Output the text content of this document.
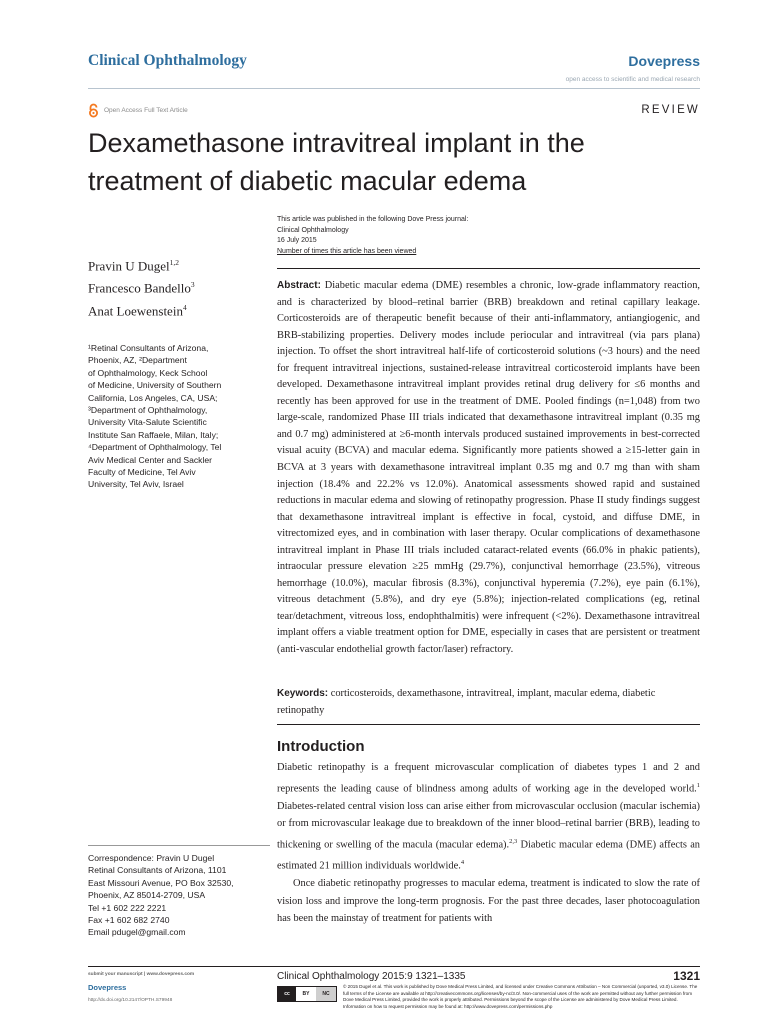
Clinical Ophthalmology	Dovepress
open access to scientific and medical research
Open Access Full Text Article	REVIEW
Dexamethasone intravitreal implant in the
treatment of diabetic macular edema
This article was published in the following Dove Press journal:
Clinical Ophthalmology
16 July 2015
Number of times this article has been viewed
Pravin U Dugel$^{1,2}$
Francesco Bandello$^3$
Anat Loewenstein$^4$
¹Retinal Consultants of Arizona,
Phoenix, AZ, ²Department
of Ophthalmology, Keck School
of Medicine, University of Southern
California, Los Angeles, CA, USA;
³Department of Ophthalmology,
University Vita-Salute Scientific
Institute San Raffaele, Milan, Italy;
⁴Department of Ophthalmology, Tel
Aviv Medical Center and Sackler
Faculty of Medicine, Tel Aviv
University, Tel Aviv, Israel
Abstract: Diabetic macular edema (DME) resembles a chronic, low-grade inflammatory reaction, and is characterized by blood–retinal barrier (BRB) breakdown and retinal capillary leakage. Corticosteroids are of therapeutic benefit because of their anti-inflammatory, antiangiogenic, and BRB-stabilizing properties. Delivery modes include periocular and intravitreal (via pars plana) injection. To offset the short intravitreal half-life of corticosteroid solutions (~3 hours) and the need for frequent intravitreal injections, sustained-release intravitreal corticosteroid implants have been developed. Dexamethasone intravitreal implant provides retinal drug delivery for ≤6 months and recently has been approved for use in the treatment of DME. Pooled findings (n=1,048) from two large-scale, randomized Phase III trials indicated that dexamethasone intravitreal implant (0.35 mg and 0.7 mg) administered at ≥6-month intervals produced sustained improvements in best-corrected visual acuity (BCVA) and macular edema. Significantly more patients showed a ≥15-letter gain in BCVA at 3 years with dexamethasone intravitreal implant 0.35 mg and 0.7 mg than with sham injection (18.4% and 22.2% vs 12.0%). Anatomical assessments showed rapid and sustained reductions in macular edema and slowing of retinopathy progression. Phase II study findings suggest that dexamethasone intravitreal implant is effective in focal, cystoid, and diffuse DME, in vitrectomized eyes, and in combination with laser therapy. Ocular complications of dexamethasone intravitreal implant in Phase III trials included cataract-related events (66.0% in phakic patients), intraocular pressure elevation ≥25 mmHg (29.7%), conjunctival hemorrhage (23.5%), vitreous hemorrhage (10.0%), macular fibrosis (8.3%), conjunctival hyperemia (7.2%), eye pain (6.1%), vitreous detachment (5.8%), and dry eye (5.8%); injection-related complications (eg, retinal tear/detachment, vitreous loss, endophthalmitis) were infrequent (<2%). Dexamethasone intravitreal implant offers a viable treatment option for DME, especially in cases that are persistent or treatment (anti-vascular endothelial growth factor/laser) refractory.
Keywords: corticosteroids, dexamethasone, intravitreal, implant, macular edema, diabetic retinopathy
Introduction

Diabetic retinopathy is a frequent microvascular complication of diabetes types 1 and 2 and represents the leading cause of blindness among adults of working age in the developed world.$^1$ Diabetes-related central vision loss can arise either from microvascular occlusion (macular ischemia) or from microvascular leakage due to breakdown of the inner blood–retinal barrier (BRB), leading to thickening or swelling of the macula (macular edema).$^{2,3}$ Diabetic macular edema (DME) affects an estimated 21 million individuals worldwide.$^4$

Once diabetic retinopathy progresses to macular edema, treatment is indicated to slow the rate of vision loss and improve the long-term prognosis. For the past three decades, laser photocoagulation has been the mainstay of treatment for patients with

Correspondence: Pravin U Dugel
Retinal Consultants of Arizona, 1101
East Missouri Avenue, PO Box 32530,
Phoenix, AZ 85014-2709, USA
Tel +1 602 222 2221
Fax +1 602 682 2740
Email pdugel@gmail.com
submit your manuscript | www.dovepress.com
Dovepress
http://dx.doi.org/10.2147/OPTH.S79948
Clinical Ophthalmology 2015:9 1321–1335	1321
cc	BY	NC
© 2015 Dugel et al. This work is published by Dove Medical Press Limited, and licensed under Creative Commons Attribution – Non Commercial (unported, v3.0) License. The full terms of the License are available at http://creativecommons.org/licenses/by-nc/3.0/. Non-commercial uses of the work are permitted without any further permission from Dove Medical Press Limited, provided the work is properly attributed. Permissions beyond the scope of the License are administered by Dove Medical Press Limited. Information on how to request permission may be found at: http://www.dovepress.com/permissions.php
